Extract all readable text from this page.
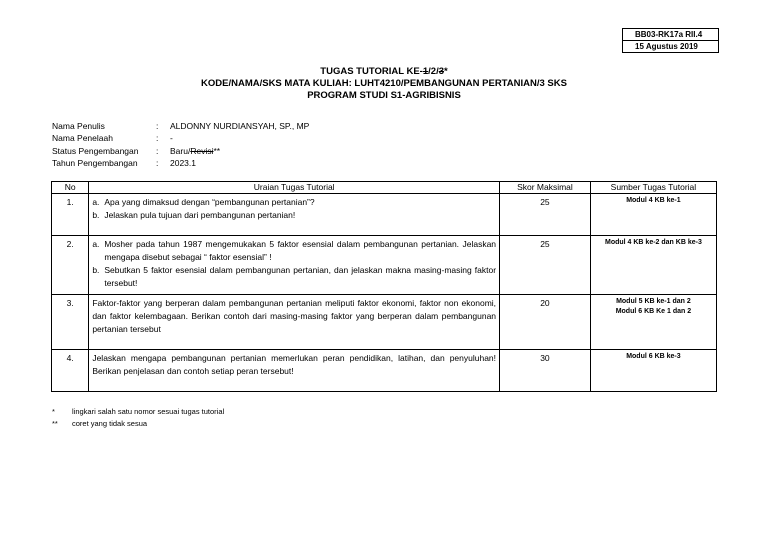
BB03-RK17a RII.4
15 Agustus 2019
TUGAS TUTORIAL KE-1/2/3*
KODE/NAMA/SKS MATA KULIAH: LUHT4210/PEMBANGUNAN PERTANIAN/3 SKS
PROGRAM STUDI S1-AGRIBISNIS
Nama Penulis	:	ALDONNY NURDIANSYAH, SP., MP
Nama Penelaah	:	-
Status Pengembangan	:	Baru/Revisi**
Tahun Pengembangan	:	2023.1
No	Uraian Tugas Tutorial	Skor Maksimal	Sumber Tugas Tutorial
1.	a. Apa yang dimaksud dengan “pembangunan pertanian”?
b. Jelaskan pula tujuan dari pembangunan pertanian!	25	Modul 4 KB ke-1

2.	a. Mosher pada tahun 1987 mengemukakan 5 faktor esensial dalam pembangunan pertanian. Jelaskan mengapa disebut sebagai “ faktor esensial” !
b. Sebutkan 5 faktor esensial dalam pembangunan pertanian, dan jelaskan makna masing-masing faktor tersebut!	25	Modul 4 KB ke-2 dan KB ke-3

3.	Faktor-faktor yang berperan dalam pembangunan pertanian meliputi faktor ekonomi, faktor non ekonomi, dan faktor kelembagaan. Berikan contoh dari masing-masing faktor yang berperan dalam pembangunan pertanian tersebut	20	Modul 5 KB ke-1 dan 2
Modul 6 KB Ke 1 dan 2

4.	Jelaskan mengapa pembangunan pertanian memerlukan peran pendidikan, latihan, dan penyuluhan! Berikan penjelasan dan contoh setiap peran tersebut!	30	Modul 6 KB ke-3
*	lingkari salah satu nomor sesuai tugas tutorial
**	coret yang tidak sesua
